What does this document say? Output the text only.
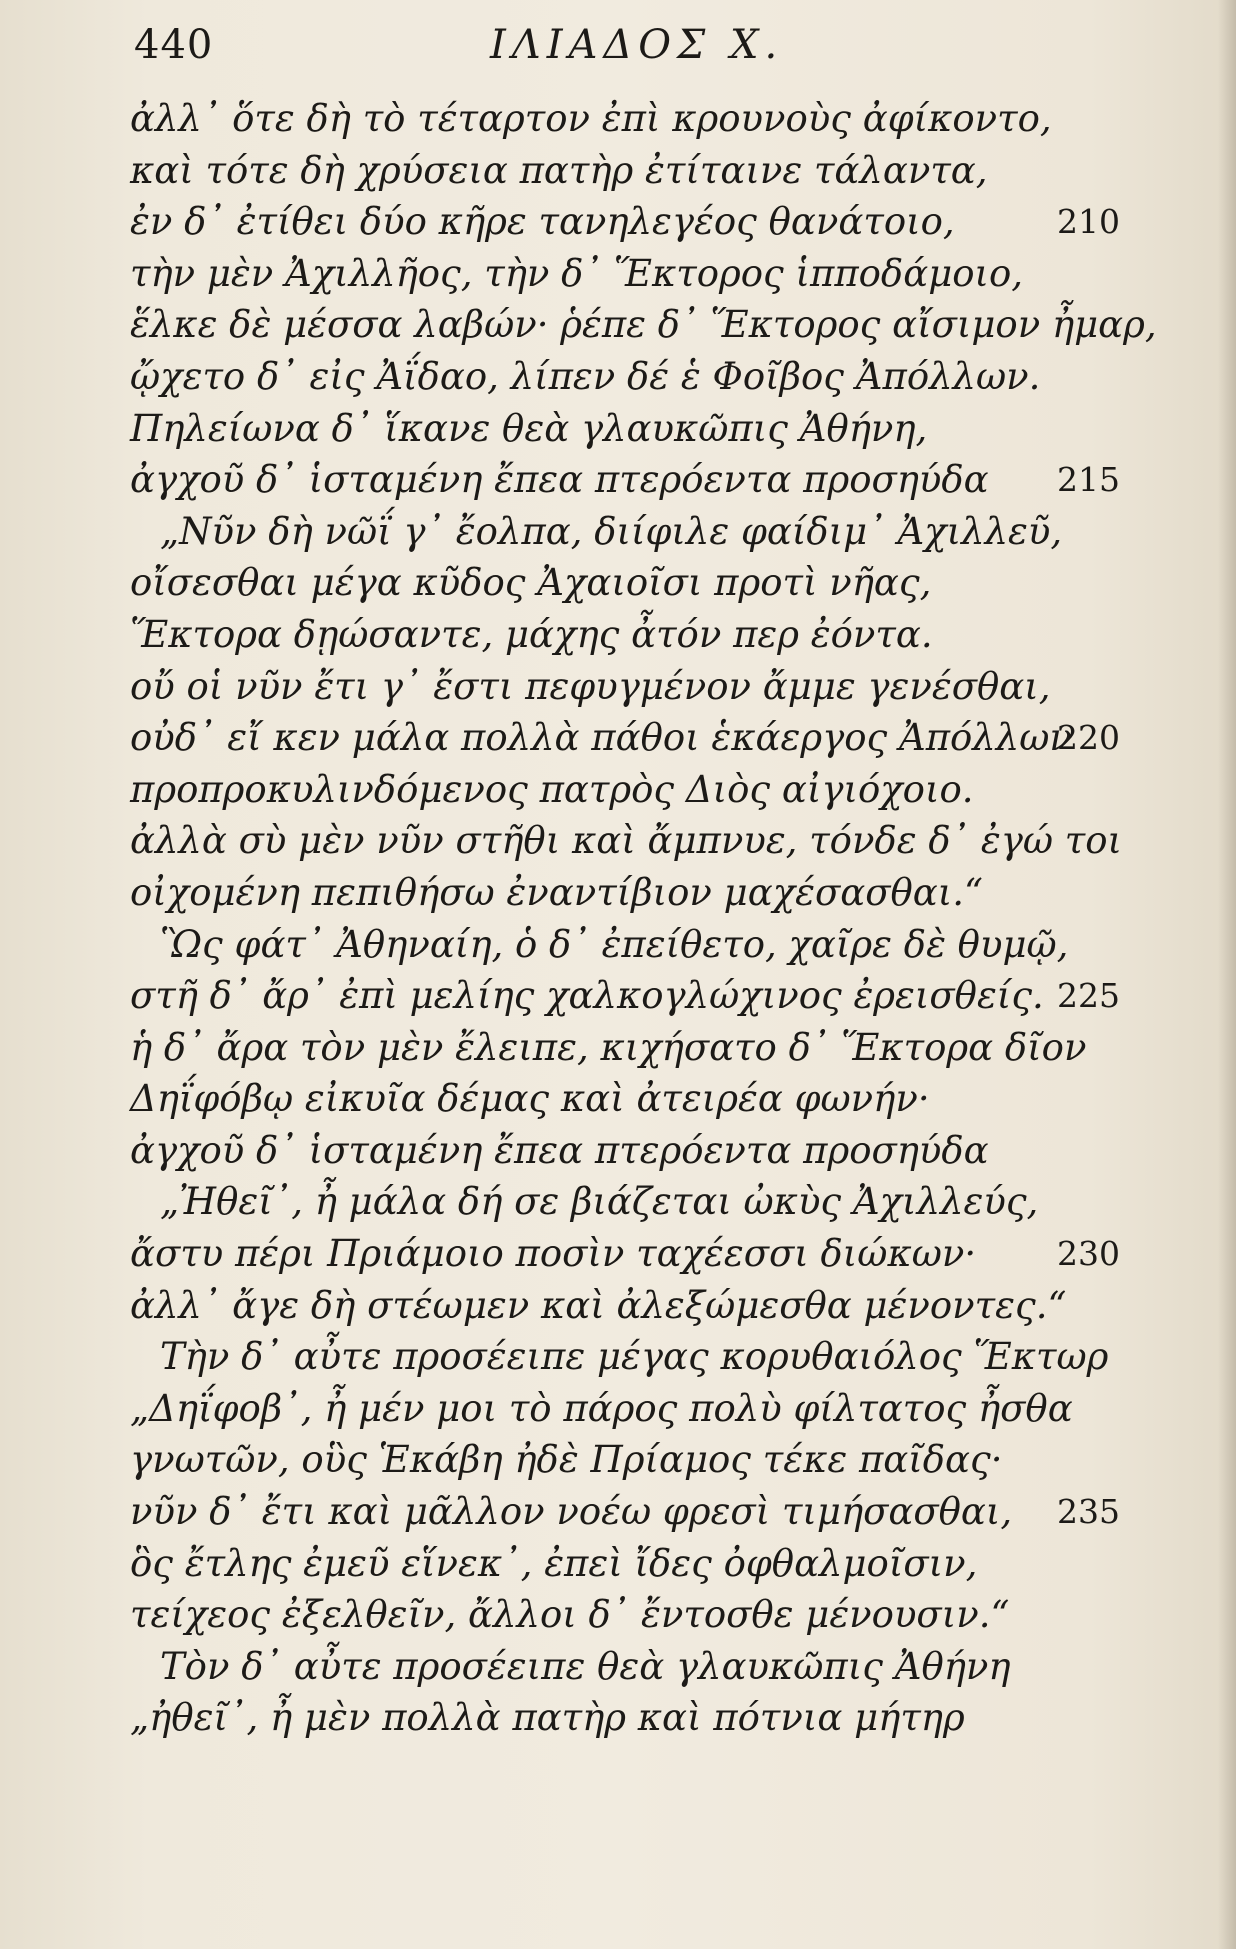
440	ΙΛΙΑΔΟΣ Χ.
ἀλλ᾽ ὅτε δὴ τὸ τέταρτον ἐπὶ κρουνοὺς ἀφίκοντο,
καὶ τότε δὴ χρύσεια πατὴρ ἐτίταινε τάλαντα,
ἐν δ᾽ ἐτίθει δύο κῆρε τανηλεγέος θανάτοιο,	210
τὴν μὲν Ἀχιλλῆος, τὴν δ᾽ Ἕκτορος ἱπποδάμοιο,
ἕλκε δὲ μέσσα λαβών· ῥέπε δ᾽ Ἕκτορος αἴσιμον ἦμαρ,
ᾤχετο δ᾽ εἰς Ἀΐδαο, λίπεν δέ ἑ Φοῖβος Ἀπόλλων.
Πηλείωνα δ᾽ ἵκανε θεὰ γλαυκῶπις Ἀθήνη,
ἀγχοῦ δ᾽ ἱσταμένη ἔπεα πτερόεντα προσηύδα 215
„Νῦν δὴ νῶΐ γ᾽ ἔολπα, διίφιλε φαίδιμ᾽ Ἀχιλλεῦ,
οἴσεσθαι μέγα κῦδος Ἀχαιοῖσι προτὶ νῆας,
Ἕκτορα δῃώσαντε, μάχης ἆτόν περ ἐόντα.
οὔ οἱ νῦν ἔτι γ᾽ ἔστι πεφυγμένον ἄμμε γενέσθαι,
οὐδ᾽ εἴ κεν μάλα πολλὰ πάθοι ἑκάεργος Ἀπόλλων
220
προπροκυλινδόμενος πατρὸς Διὸς αἰγιόχοιο.
ἀλλὰ σὺ μὲν νῦν στῆθι καὶ ἄμπνυε, τόνδε δ᾽ ἐγώ τοι
οἰχομένη πεπιθήσω ἐναντίβιον μαχέσασθαι.“
Ὣς φάτ᾽ Ἀθηναίη, ὁ δ᾽ ἐπείθετο, χαῖρε δὲ θυμῷ,
στῆ δ᾽ ἄρ᾽ ἐπὶ μελίης χαλκογλώχινος ἐρεισθείς. 225
ἡ δ᾽ ἄρα τὸν μὲν ἔλειπε, κιχήσατο δ᾽ Ἕκτορα δῖον
Δηΐφόβῳ εἰκυῖα δέμας καὶ ἀτειρέα φωνήν·
ἀγχοῦ δ᾽ ἱσταμένη ἔπεα πτερόεντα προσηύδα
„Ἠθεῖ᾽, ἦ μάλα δή σε βιάζεται ὠκὺς Ἀχιλλεύς,
ἄστυ πέρι Πριάμοιο ποσὶν ταχέεσσι διώκων· 230
ἀλλ᾽ ἄγε δὴ στέωμεν καὶ ἀλεξώμεσθα μένοντες.“
Τὴν δ᾽ αὖτε προσέειπε μέγας κορυθαιόλος Ἕκτωρ
„Δηΐφοβ᾽, ἦ μέν μοι τὸ πάρος πολὺ φίλτατος ἦσθα
γνωτῶν, οὓς Ἑκάβη ἠδὲ Πρίαμος τέκε παῖδας·
νῦν δ᾽ ἔτι καὶ μᾶλλον νοέω φρεσὶ τιμήσασθαι, 235
ὃς ἔτλης ἐμεῦ εἵνεκ᾽, ἐπεὶ ἴδες ὀφθαλμοῖσιν,
τείχεος ἐξελθεῖν, ἄλλοι δ᾽ ἔντοσθε μένουσιν.“
Τὸν δ᾽ αὖτε προσέειπε θεὰ γλαυκῶπις Ἀθήνη
„ἠθεῖ᾽, ἦ μὲν πολλὰ πατὴρ καὶ πότνια μήτηρ
